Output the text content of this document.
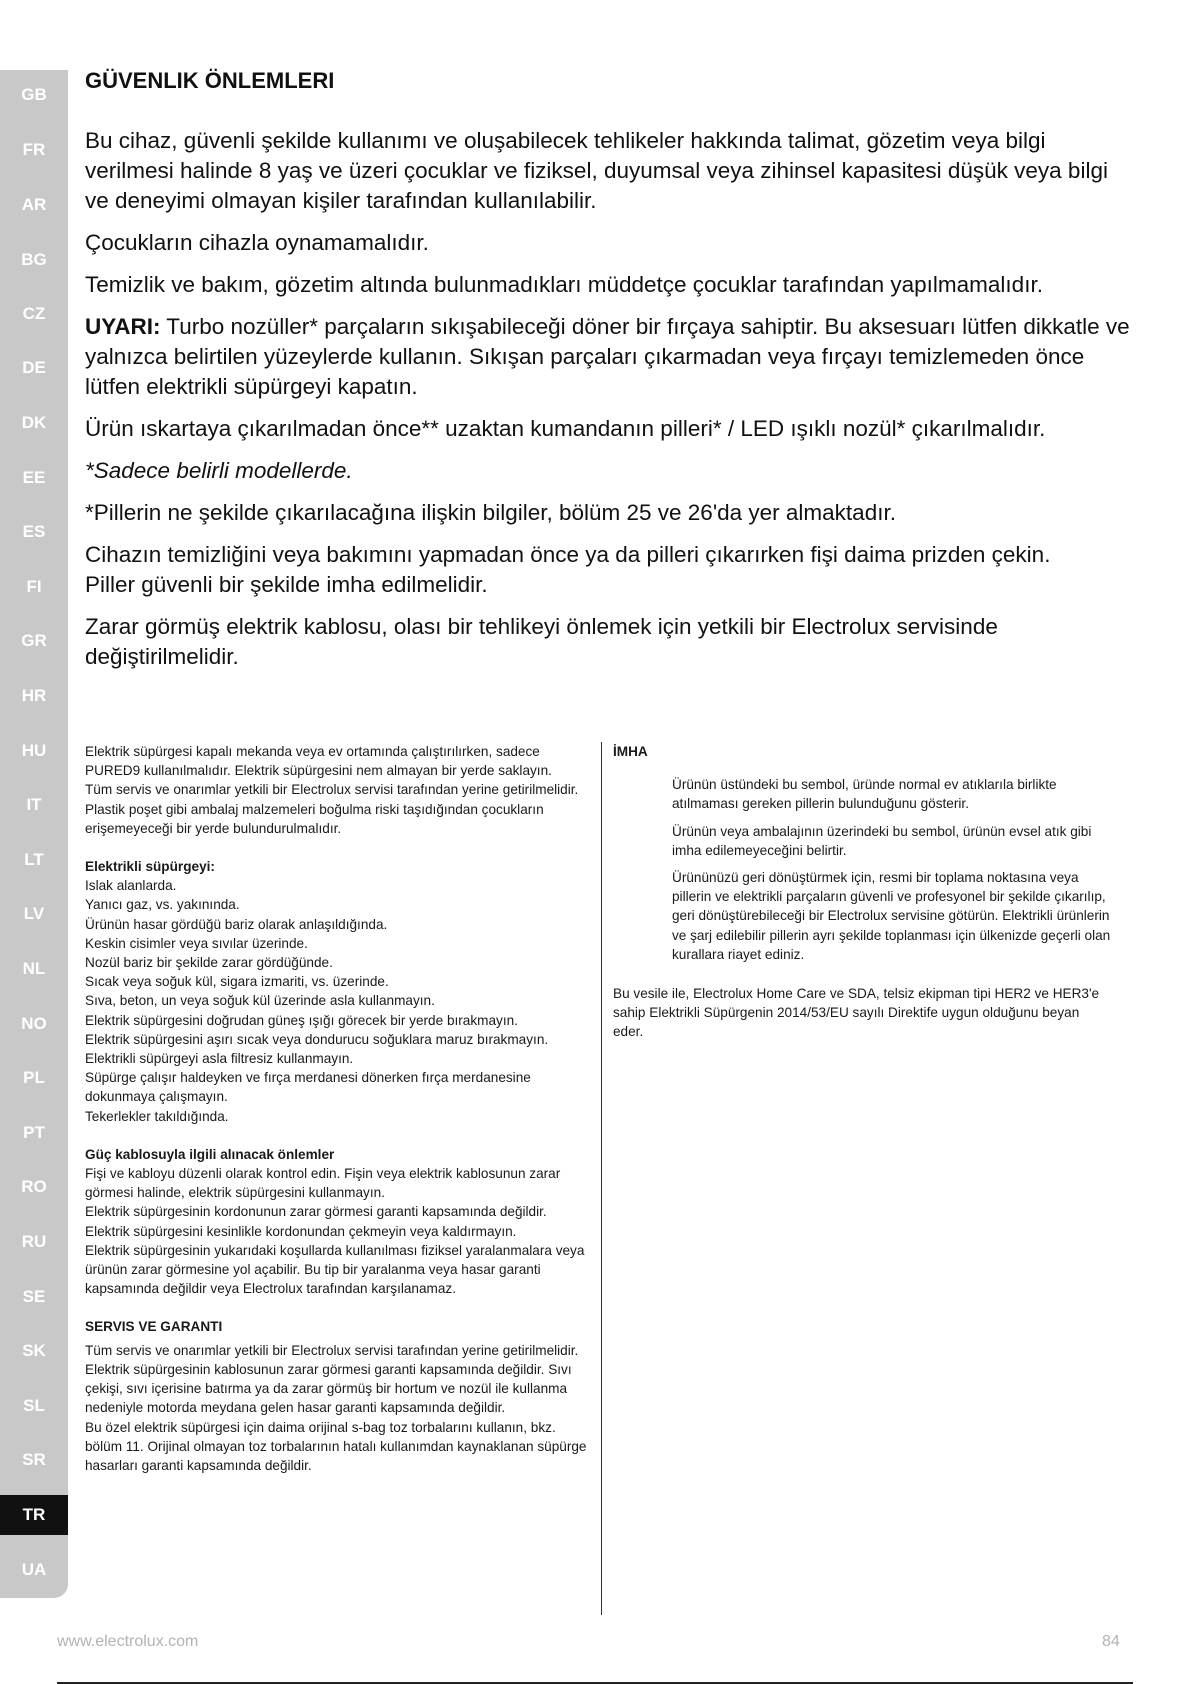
GB
FR
AR
BG
CZ
DE
DK
EE
ES
FI
GR
HR
HU
IT
LT
LV
NL
NO
PL
PT
RO
RU
SE
SK
SL
SR
TR
UA
GÜVENLIK ÖNLEMLERI

Bu cihaz, güvenli şekilde kullanımı ve oluşabilecek tehlikeler hakkında talimat, gözetim veya bilgi verilmesi halinde 8 yaş ve üzeri çocuklar ve fiziksel, duyumsal veya zihinsel kapasitesi düşük veya bilgi ve deneyimi olmayan kişiler tarafından kullanılabilir.

Çocukların cihazla oynamamalıdır.

Temizlik ve bakım, gözetim altında bulunmadıkları müddetçe çocuklar tarafından yapılmamalıdır.

UYARI: Turbo nozüller* parçaların sıkışabileceği döner bir fırçaya sahiptir. Bu aksesuarı lütfen dikkatle ve yalnızca belirtilen yüzeylerde kullanın. Sıkışan parçaları çıkarmadan veya fırçayı temizlemeden önce lütfen elektrikli süpürgeyi kapatın.

Ürün ıskartaya çıkarılmadan önce** uzaktan kumandanın pilleri* / LED ışıklı nozül* çıkarılmalıdır.

*Sadece belirli modellerde.

*Pillerin ne şekilde çıkarılacağına ilişkin bilgiler, bölüm 25 ve 26'da yer almaktadır.

Cihazın temizliğini veya bakımını yapmadan önce ya da pilleri çıkarırken fişi daima prizden çekin.

Piller güvenli bir şekilde imha edilmelidir.

Zarar görmüş elektrik kablosu, olası bir tehlikeyi önlemek için yetkili bir Electrolux servisinde değiştirilmelidir.

Elektrik süpürgesi kapalı mekanda veya ev ortamında çalıştırılırken, sadece PURED9 kullanılmalıdır. Elektrik süpürgesini nem almayan bir yerde saklayın.

Tüm servis ve onarımlar yetkili bir Electrolux servisi tarafından yerine getirilmelidir.

Plastik poşet gibi ambalaj malzemeleri boğulma riski taşıdığından çocukların erişemeyeceği bir yerde bulundurulmalıdır.

Elektrikli süpürgeyi:

Islak alanlarda.

Yanıcı gaz, vs. yakınında.

Ürünün hasar gördüğü bariz olarak anlaşıldığında.

Keskin cisimler veya sıvılar üzerinde.

Nozül bariz bir şekilde zarar gördüğünde.

Sıcak veya soğuk kül, sigara izmariti, vs. üzerinde.

Sıva, beton, un veya soğuk kül üzerinde asla kullanmayın.

Elektrik süpürgesini doğrudan güneş ışığı görecek bir yerde bırakmayın.

Elektrik süpürgesini aşırı sıcak veya dondurucu soğuklara maruz bırakmayın.

Elektrikli süpürgeyi asla filtresiz kullanmayın.

Süpürge çalışır haldeyken ve fırça merdanesi dönerken fırça merdanesine dokunmaya çalışmayın.

Tekerlekler takıldığında.

Güç kablosuyla ilgili alınacak önlemler

Fişi ve kabloyu düzenli olarak kontrol edin. Fişin veya elektrik kablosunun zarar görmesi halinde, elektrik süpürgesini kullanmayın.

Elektrik süpürgesinin kordonunun zarar görmesi garanti kapsamında değildir.

Elektrik süpürgesini kesinlikle kordonundan çekmeyin veya kaldırmayın.

Elektrik süpürgesinin yukarıdaki koşullarda kullanılması fiziksel yaralanmalara veya ürünün zarar görmesine yol açabilir. Bu tip bir yaralanma veya hasar garanti kapsamında değildir veya Electrolux tarafından karşılanamaz.

SERVIS VE GARANTI

Tüm servis ve onarımlar yetkili bir Electrolux servisi tarafından yerine getirilmelidir.

Elektrik süpürgesinin kablosunun zarar görmesi garanti kapsamında değildir. Sıvı çekişi, sıvı içerisine batırma ya da zarar görmüş bir hortum ve nozül ile kullanma nedeniyle motorda meydana gelen hasar garanti kapsamında değildir.

Bu özel elektrik süpürgesi için daima orijinal s-bag toz torbalarını kullanın, bkz. bölüm 11. Orijinal olmayan toz torbalarının hatalı kullanımdan kaynaklanan süpürge hasarları garanti kapsamında değildir.

İMHA

Ürünün üstündeki bu sembol, üründe normal ev atıklarıla birlikte atılmaması gereken pillerin bulunduğunu gösterir.

Ürünün veya ambalajının üzerindeki bu sembol, ürünün evsel atık gibi imha edilemeyeceğini belirtir.

Ürününüzü geri dönüştürmek için, resmi bir toplama noktasına veya pillerin ve elektrikli parçaların güvenli ve profesyonel bir şekilde çıkarılıp, geri dönüştürebileceği bir Electrolux servisine götürün. Elektrikli ürünlerin ve şarj edilebilir pillerin ayrı şekilde toplanması için ülkenizde geçerli olan kurallara riayet ediniz.

Bu vesile ile, Electrolux Home Care ve SDA, telsiz ekipman tipi HER2 ve HER3'e sahip Elektrikli Süpürgenin 2014/53/EU sayılı Direktife uygun olduğunu beyan eder.

www.electrolux.com	84
